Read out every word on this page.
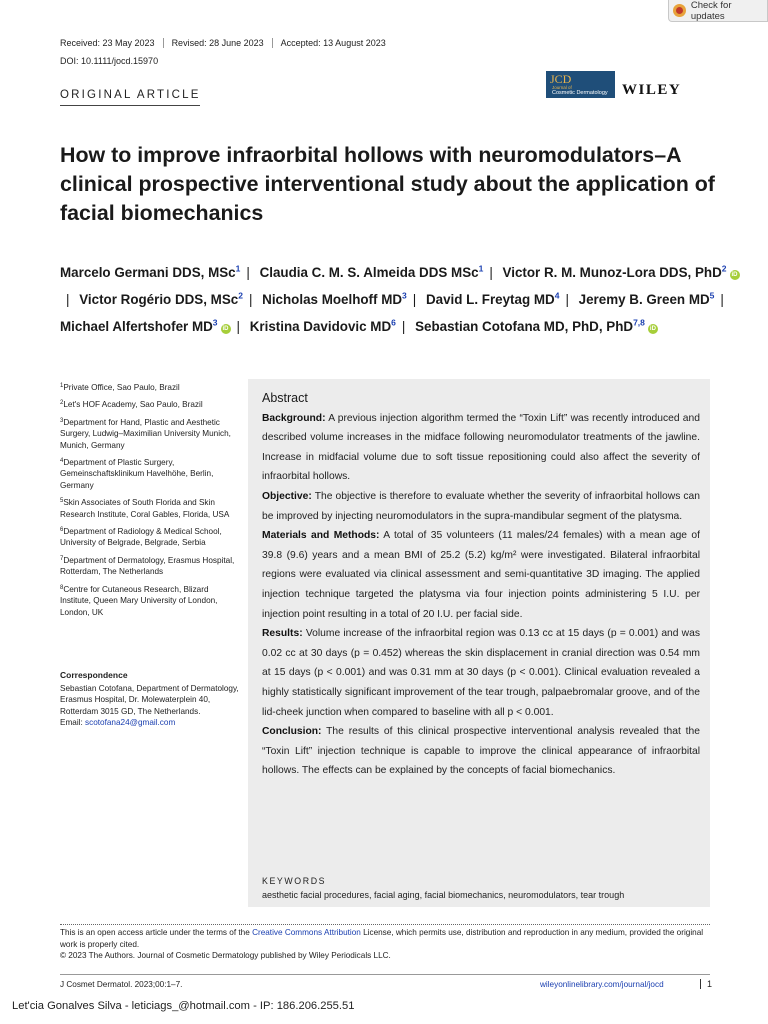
Check for updates
Received: 23 May 2023	Revised: 28 June 2023	Accepted: 13 August 2023
DOI: 10.1111/jocd.15970
ORIGINAL ARTICLE
JCD
Journal of
Cosmetic Dermatology WILEY
How to improve infraorbital hollows with neuromodulators–A clinical prospective interventional study about the application of facial biomechanics
Marcelo Germani DDS, MSc$^1$ | Claudia C. M. S. Almeida DDS MSc$^1$ | Victor R. M. Munoz-Lora DDS, PhD$^2$iD| Victor Rogério DDS, MSc$^2$ | Nicholas Moelhoff $MD^3$ | David L. Freytag $MD^4$ | Jeremy B. Green $MD^5$ | Michael Alfertshofer $MD^3iD$ | Kristina Davidovic $MD^6$ | Sebastian Cotofana MD, PhD, PhD$^{7,8}$iD
$^1$Private Office, Sao Paulo, Brazil
$^2$Let's HOF Academy, Sao Paulo, Brazil
$^3$Department for Hand, Plastic and Aesthetic Surgery, Ludwig–Maximilian University Munich, Munich, Germany
$^4$Department of Plastic Surgery, Gemeinschaftsklinikum Havelhöhe, Berlin, Germany
$^5$Skin Associates of South Florida and Skin Research Institute, Coral Gables, Florida, USA
$^6$Department of Radiology & Medical School, University of Belgrade, Belgrade, Serbia
$^7$Department of Dermatology, Erasmus Hospital, Rotterdam, The Netherlands
$^8$Centre for Cutaneous Research, Blizard Institute, Queen Mary University of London, London, UK
Correspondence
Sebastian Cotofana, Department of Dermatology, Erasmus Hospital, Dr. Molewaterplein 40, Rotterdam 3015 GD, The Netherlands.
Email: scotofana24@gmail.com
Abstract

Background: A previous injection algorithm termed the “Toxin Lift” was recently introduced and described volume increases in the midface following neuromodulator treatments of the jawline. Increase in midfacial volume due to soft tissue repositioning could also affect the severity of infraorbital hollows.

Objective: The objective is therefore to evaluate whether the severity of infraorbital hollows can be improved by injecting neuromodulators in the supra-mandibular segment of the platysma.

Materials and Methods: A total of 35 volunteers (11 males/24 females) with a mean age of 39.8 (9.6) years and a mean BMI of 25.2 (5.2) kg/m² were investigated. Bilateral infraorbital regions were evaluated via clinical assessment and semi-quantitative 3D imaging. The applied injection technique targeted the platysma via four injection points administering 5 I.U. per injection point resulting in a total of 20 I.U. per facial side.

Results: Volume increase of the infraorbital region was 0.13 cc at 15 days (p = 0.001) and was 0.02 cc at 30 days (p = 0.452) whereas the skin displacement in cranial direction was 0.54 mm at 15 days (p < 0.001) and was 0.31 mm at 30 days (p < 0.001). Clinical evaluation revealed a highly statistically significant improvement of the tear trough, palpaebromalar groove, and of the lid-cheek junction when compared to baseline with all p < 0.001.

Conclusion: The results of this clinical prospective interventional analysis revealed that the “Toxin Lift” injection technique is capable to improve the clinical appearance of infraorbital hollows. The effects can be explained by the concepts of facial biomechanics.

KEYWORDS
aesthetic facial procedures, facial aging, facial biomechanics, neuromodulators, tear trough
This is an open access article under the terms of the Creative Commons Attribution License, which permits use, distribution and reproduction in any medium, provided the original work is properly cited.
© 2023 The Authors. Journal of Cosmetic Dermatology published by Wiley Periodicals LLC.
J Cosmet Dermatol. 2023;00:1–7.	wileyonlinelibrary.com/journal/jocd	1
Let'cia Gonalves Silva - leticiags_@hotmail.com - IP: 186.206.255.51
